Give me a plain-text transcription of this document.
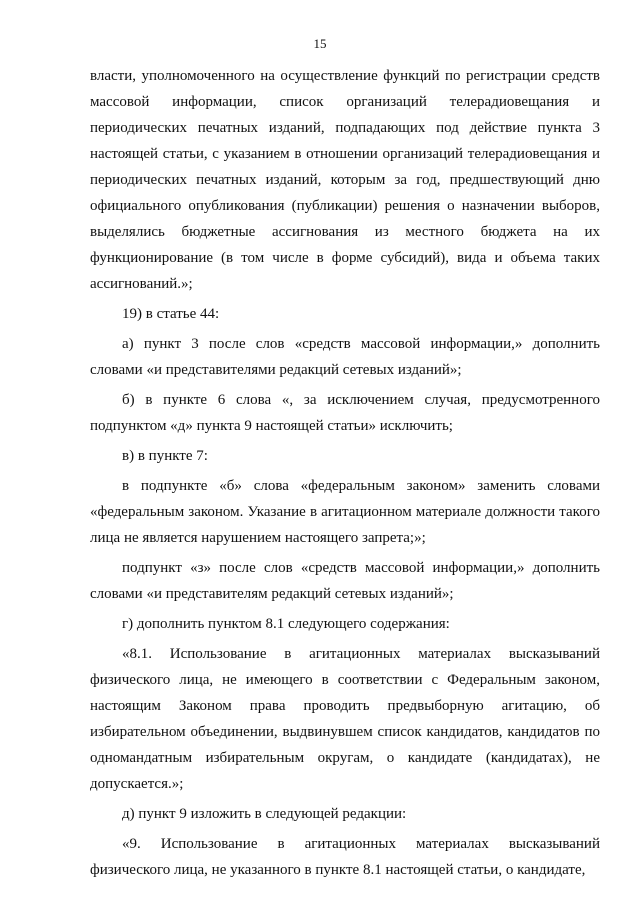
15

власти, уполномоченного на осуществление функций по регистрации средств массовой информации, список организаций телерадиовещания и периодических печатных изданий, подпадающих под действие пункта 3 настоящей статьи, с указанием в отношении организаций телерадиовещания и периодических печатных изданий, которым за год, предшествующий дню официального опубликования (публикации) решения о назначении выборов, выделялись бюджетные ассигнования из местного бюджета на их функционирование (в том числе в форме субсидий), вида и объема таких ассигнований.»;

19) в статье 44:

а) пункт 3 после слов «средств массовой информации,» дополнить словами «и представителями редакций сетевых изданий»;

б) в пункте 6 слова «, за исключением случая, предусмотренного подпунктом «д» пункта 9 настоящей статьи» исключить;

в) в пункте 7:

в подпункте «б» слова «федеральным законом» заменить словами «федеральным законом. Указание в агитационном материале должности такого лица не является нарушением настоящего запрета;»;

подпункт «з» после слов «средств массовой информации,» дополнить словами «и представителям редакций сетевых изданий»;

г) дополнить пунктом 8.1 следующего содержания:

«8.1. Использование в агитационных материалах высказываний физического лица, не имеющего в соответствии с Федеральным законом, настоящим Законом права проводить предвыборную агитацию, об избирательном объединении, выдвинувшем список кандидатов, кандидатов по одномандатным избирательным округам, о кандидате (кандидатах), не допускается.»;

д) пункт 9 изложить в следующей редакции:

«9. Использование в агитационных материалах высказываний физического лица, не указанного в пункте 8.1 настоящей статьи, о кандидате,
